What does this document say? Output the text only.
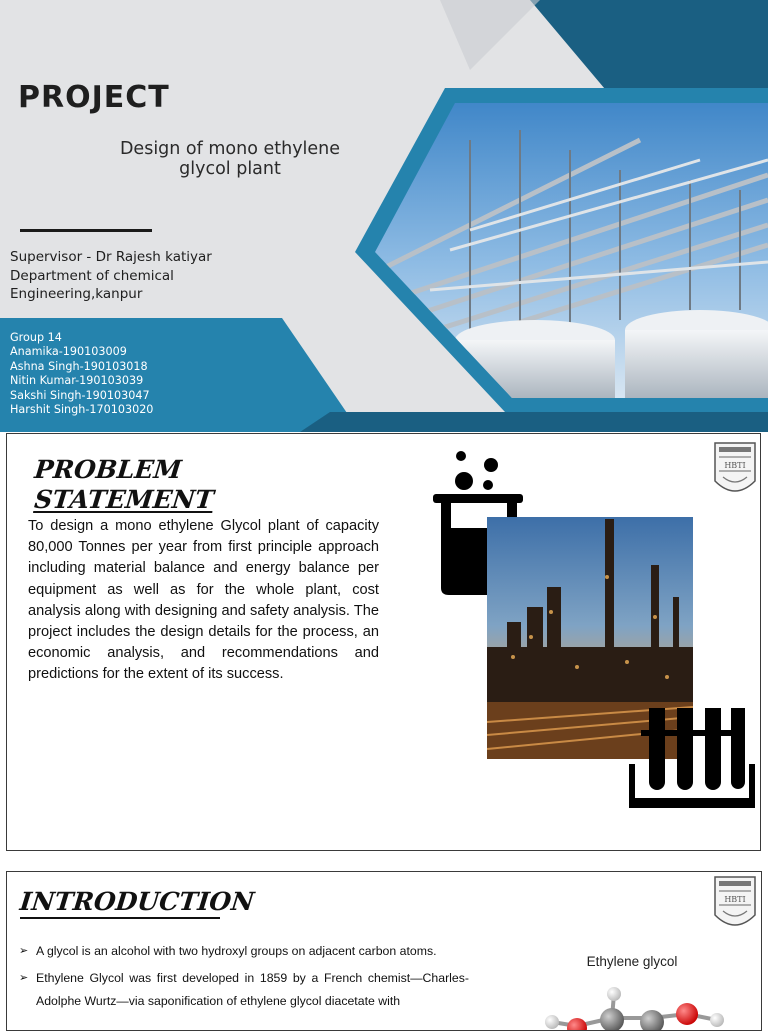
PROJECT
Design of mono ethylene
glycol plant
Supervisor - Dr Rajesh katiyar
Department of chemical
Engineering,kanpur
Group 14
Anamika-190103009
Ashna Singh-190103018
Nitin Kumar-190103039
Sakshi Singh-190103047
Harshit Singh-170103020
PROBLEM
STATEMENT
To design a mono ethylene Glycol plant of capacity 80,000 Tonnes per year from first principle approach including material balance and energy balance per equipment as well as for the whole plant, cost analysis along with designing and safety analysis. The project includes the design details for the process, an economic analysis, and recommendations and predictions for the extent of its success.
HBTI
INTRODUCTION
➢ A glycol is an alcohol with two hydroxyl groups on adjacent carbon atoms.
➢ Ethylene Glycol was first developed in 1859 by a French chemist—Charles-Adolphe Wurtz—via saponification of ethylene glycol diacetate with
HBTI
Ethylene glycol
